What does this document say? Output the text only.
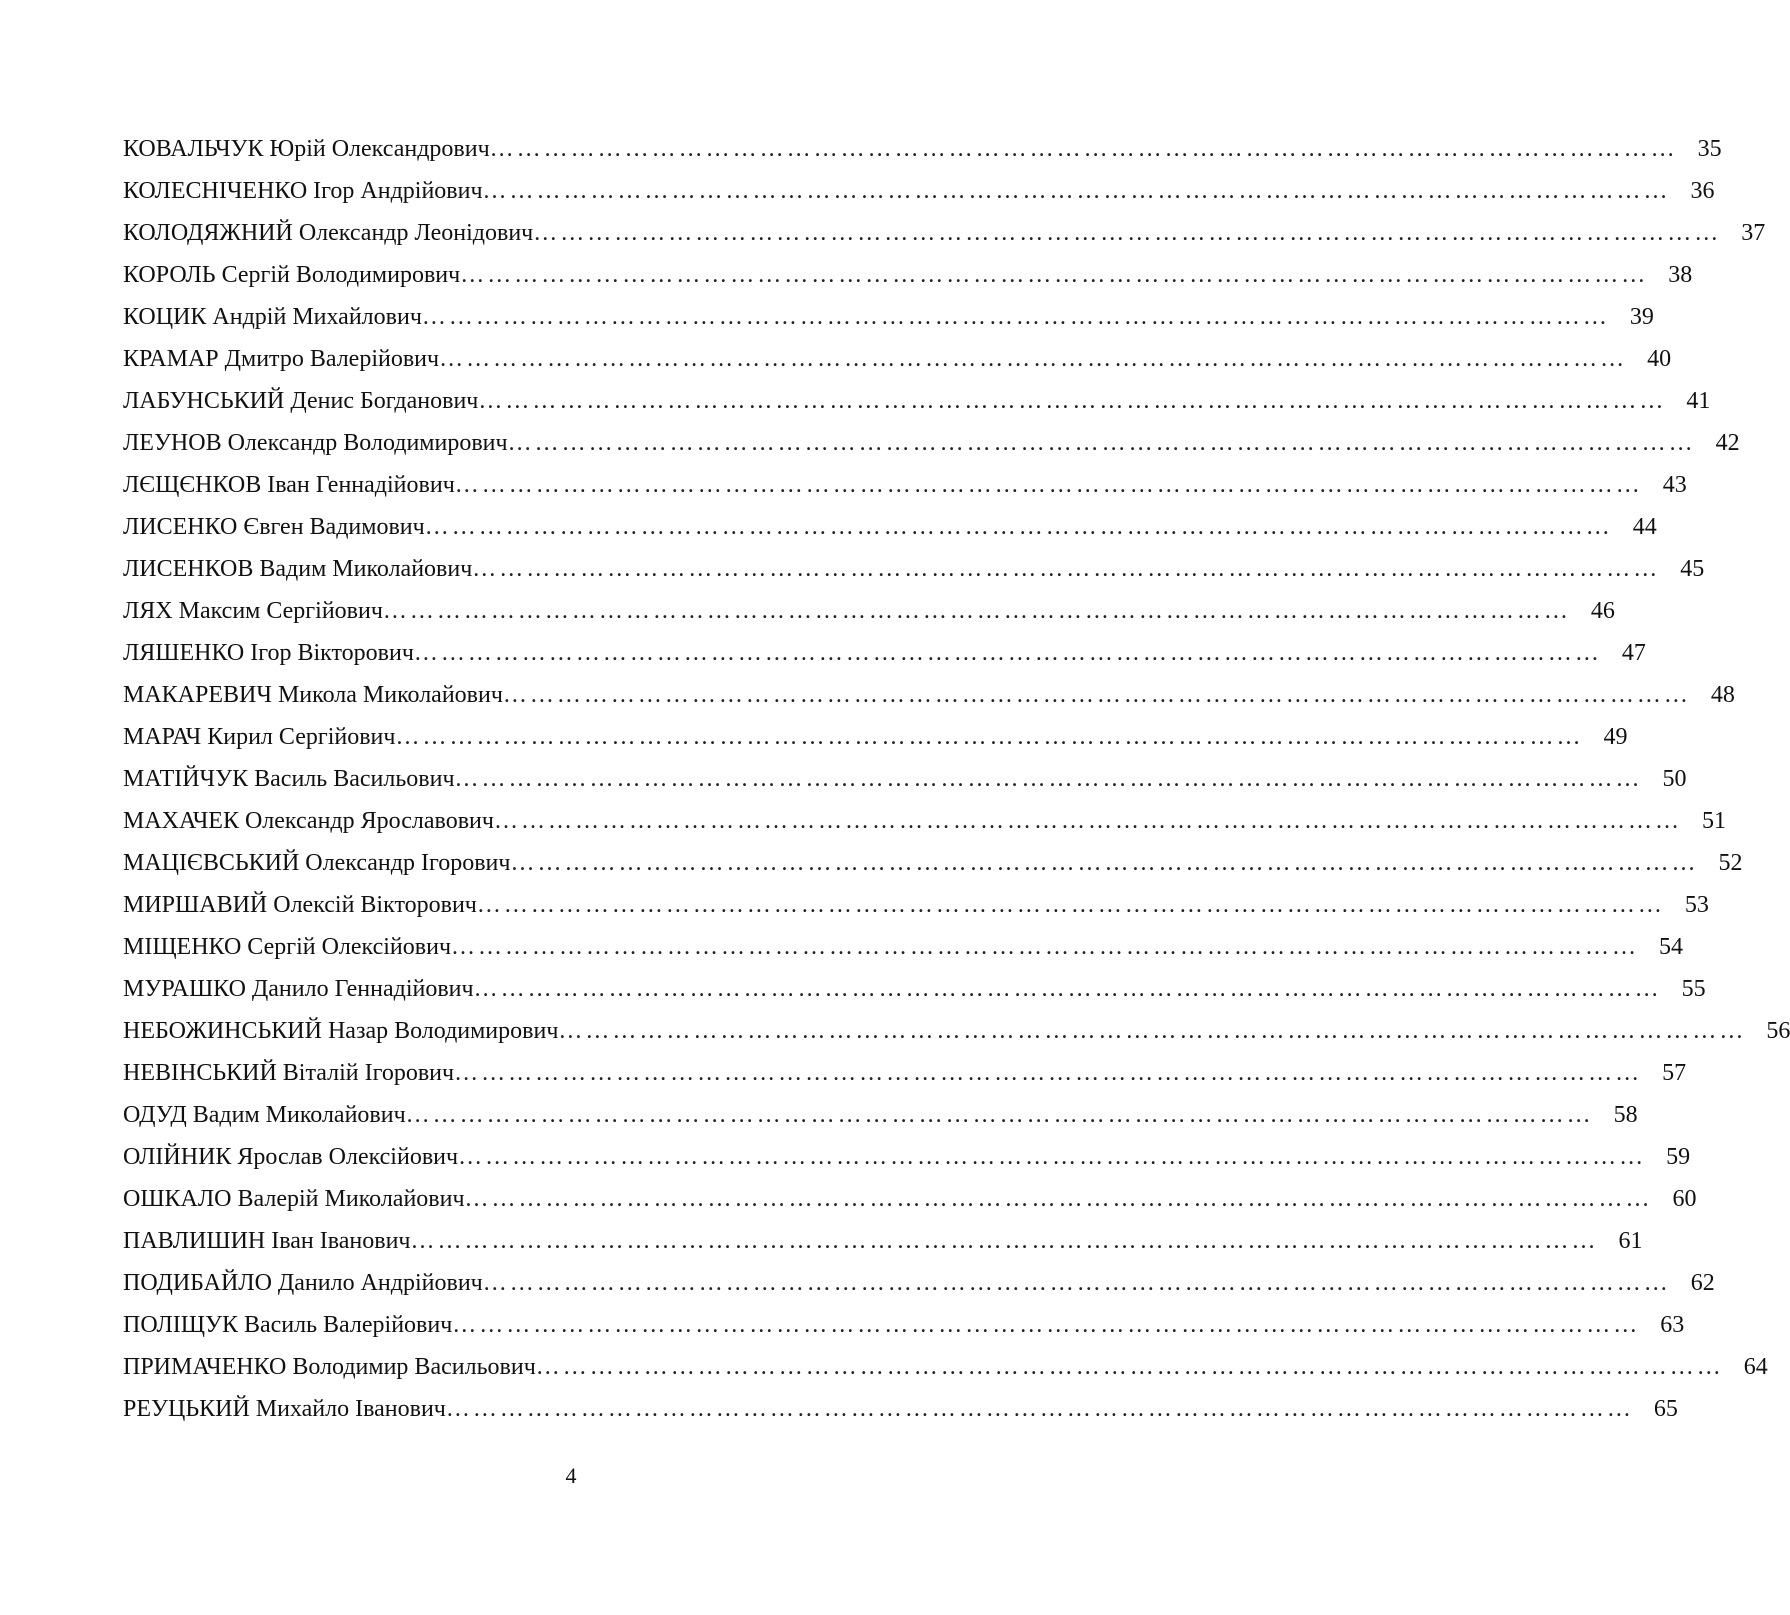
КОВАЛЬЧУК Юрій Олександрович …………………………………………………………………………………………………………………… 35
КОЛЕСНІЧЕНКО Ігор Андрійович …………………………………………………………………………………………………………………… 36
КОЛОДЯЖНИЙ Олександр Леонідович …………………………………………………………………………………………………………………… 37
КОРОЛЬ Сергій Володимирович …………………………………………………………………………………………………………………… 38
КОЦИК Андрій Михайлович …………………………………………………………………………………………………………………… 39
КРАМАР Дмитро Валерійович …………………………………………………………………………………………………………………… 40
ЛАБУНСЬКИЙ Денис Богданович …………………………………………………………………………………………………………………… 41
ЛЕУНОВ Олександр Володимирович …………………………………………………………………………………………………………………… 42
ЛЄЩЄНКОВ Іван Геннадійович …………………………………………………………………………………………………………………… 43
ЛИСЕНКО Євген Вадимович …………………………………………………………………………………………………………………… 44
ЛИСЕНКОВ Вадим Миколайович …………………………………………………………………………………………………………………… 45
ЛЯХ Максим Сергійович …………………………………………………………………………………………………………………… 46
ЛЯШЕНКО Ігор Вікторович …………………………………………………………………………………………………………………… 47
МАКАРЕВИЧ Микола Миколайович …………………………………………………………………………………………………………………… 48
МАРАЧ Кирил Сергійович …………………………………………………………………………………………………………………… 49
МАТІЙЧУК Василь Васильович …………………………………………………………………………………………………………………… 50
МАХАЧЕК Олександр Ярославович …………………………………………………………………………………………………………………… 51
МАЦІЄВСЬКИЙ Олександр Ігорович …………………………………………………………………………………………………………………… 52
МИРШАВИЙ Олексій Вікторович …………………………………………………………………………………………………………………… 53
МІЩЕНКО Сергій Олексійович …………………………………………………………………………………………………………………… 54
МУРАШКО Данило Геннадійович …………………………………………………………………………………………………………………… 55
НЕБОЖИНСЬКИЙ Назар Володимирович …………………………………………………………………………………………………………………… 56
НЕВІНСЬКИЙ Віталій Ігорович …………………………………………………………………………………………………………………… 57
ОДУД Вадим Миколайович …………………………………………………………………………………………………………………… 58
ОЛІЙНИК Ярослав Олексійович …………………………………………………………………………………………………………………… 59
ОШКАЛО Валерій Миколайович …………………………………………………………………………………………………………………… 60
ПАВЛИШИН Іван Іванович …………………………………………………………………………………………………………………… 61
ПОДИБАЙЛО Данило Андрійович …………………………………………………………………………………………………………………… 62
ПОЛІЩУК Василь Валерійович …………………………………………………………………………………………………………………… 63
ПРИМАЧЕНКО Володимир Васильович …………………………………………………………………………………………………………………… 64
РЕУЦЬКИЙ Михайло Іванович …………………………………………………………………………………………………………………… 65
4
